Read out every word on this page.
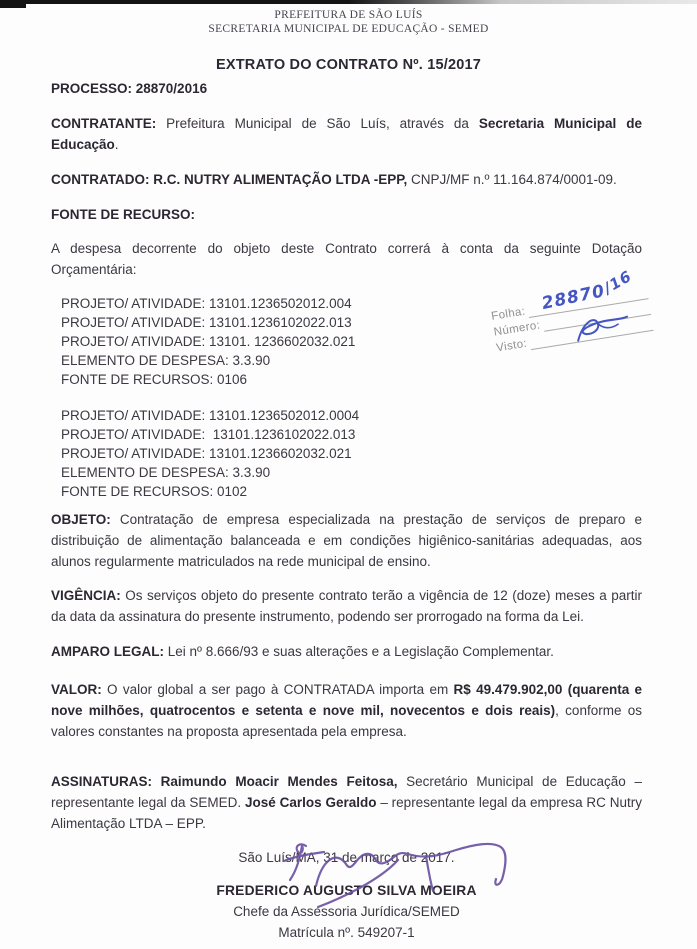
PREFEITURA DE SÃO LUÍS
SECRETARIA MUNICIPAL DE EDUCAÇÃO - SEMED
EXTRATO DO CONTRATO Nº. 15/2017
PROCESSO: 28870/2016

CONTRATANTE: Prefeitura Municipal de São Luís, através da Secretaria Municipal de Educação.

CONTRATADO: R.C. NUTRY ALIMENTAÇÃO LTDA -EPP, CNPJ/MF n.º 11.164.874/0001-09.

FONTE DE RECURSO:

A despesa decorrente do objeto deste Contrato correrá à conta da seguinte Dotação Orçamentária:

PROJETO/ ATIVIDADE: 13101.1236502012.004
PROJETO/ ATIVIDADE: 13101.1236102022.013
PROJETO/ ATIVIDADE: 13101. 1236602032.021
ELEMENTO DE DESPESA: 3.3.90
FONTE DE RECURSOS: 0106
PROJETO/ ATIVIDADE: 13101.1236502012.0004
PROJETO/ ATIVIDADE:  13101.1236102022.013
PROJETO/ ATIVIDADE: 13101.1236602032.021
ELEMENTO DE DESPESA: 3.3.90
FONTE DE RECURSOS: 0102

OBJETO: Contratação de empresa especializada na prestação de serviços de preparo e distribuição de alimentação balanceada e em condições higiênico-sanitárias adequadas, aos alunos regularmente matriculados na rede municipal de ensino.

VIGÊNCIA: Os serviços objeto do presente contrato terão a vigência de 12 (doze) meses a partir da data da assinatura do presente instrumento, podendo ser prorrogado na forma da Lei.

AMPARO LEGAL: Lei nº 8.666/93 e suas alterações e a Legislação Complementar.

VALOR: O valor global a ser pago à CONTRATADA importa em R$ 49.479.902,00 (quarenta e nove milhões, quatrocentos e setenta e nove mil, novecentos e dois reais), conforme os valores constantes na proposta apresentada pela empresa.

ASSINATURAS: Raimundo Moacir Mendes Feitosa, Secretário Municipal de Educação – representante legal da SEMED. José Carlos Geraldo – representante legal da empresa RC Nutry Alimentação LTDA – EPP.

São Luís/MA, 31 de março de 2017.
FREDERICO AUGUSTO SILVA MOEIRA
Chefe da Assessoria Jurídica/SEMED
Matrícula nº. 549207-1
Folha:
Número:
Visto:
28870/16
